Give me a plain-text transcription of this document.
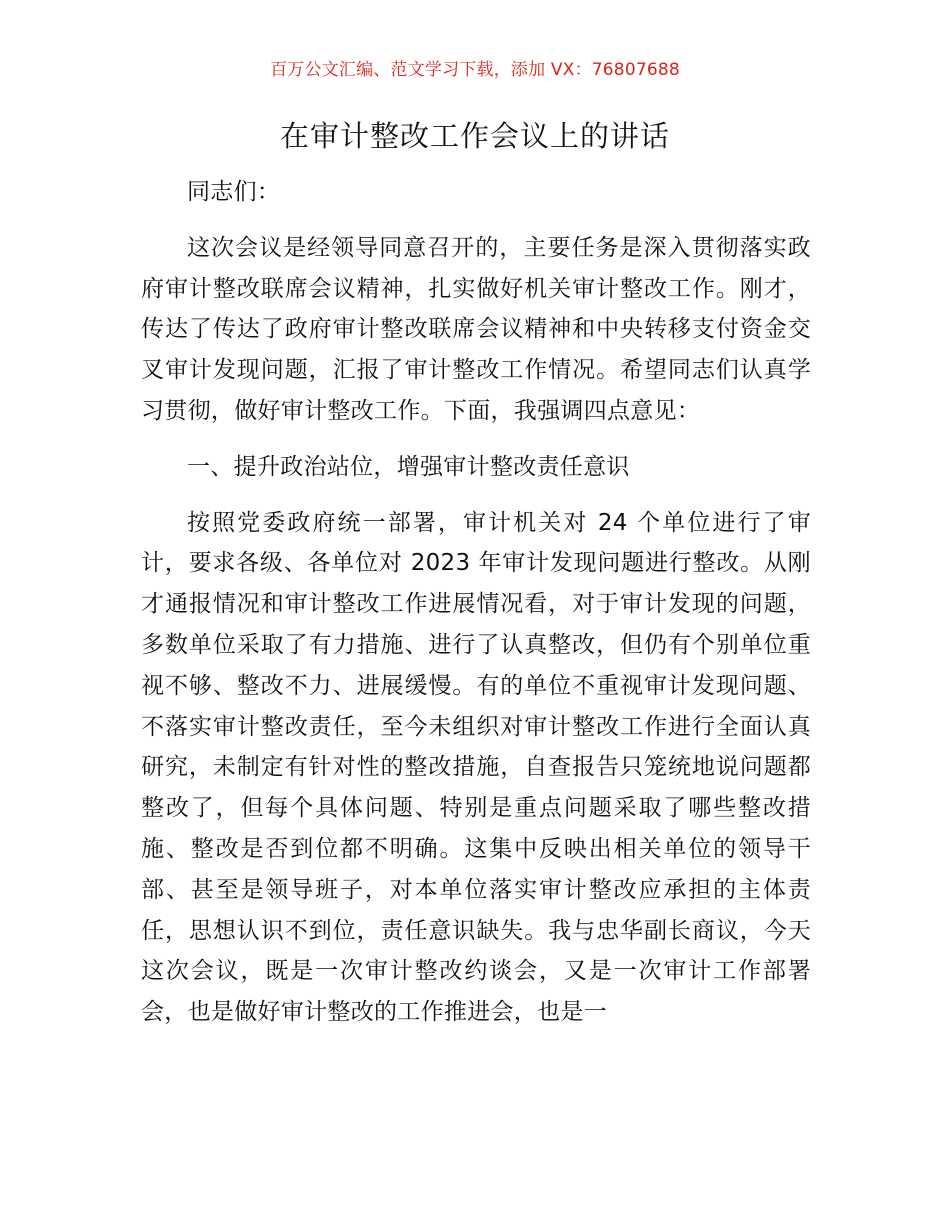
百万公文汇编、范文学习下载，添加 VX：76807688
在审计整改工作会议上的讲话

同志们：

这次会议是经领导同意召开的，主要任务是深入贯彻落实政府审计整改联席会议精神，扎实做好机关审计整改工作。刚才，传达了传达了政府审计整改联席会议精神和中央转移支付资金交叉审计发现问题，汇报了审计整改工作情况。希望同志们认真学习贯彻，做好审计整改工作。下面，我强调四点意见：

一、提升政治站位，增强审计整改责任意识

按照党委政府统一部署，审计机关对 24 个单位进行了审计，要求各级、各单位对 2023 年审计发现问题进行整改。从刚才通报情况和审计整改工作进展情况看，对于审计发现的问题，多数单位采取了有力措施、进行了认真整改，但仍有个别单位重视不够、整改不力、进展缓慢。有的单位不重视审计发现问题、不落实审计整改责任，至今未组织对审计整改工作进行全面认真研究，未制定有针对性的整改措施，自查报告只笼统地说问题都整改了，但每个具体问题、特别是重点问题采取了哪些整改措施、整改是否到位都不明确。这集中反映出相关单位的领导干部、甚至是领导班子，对本单位落实审计整改应承担的主体责任，思想认识不到位，责任意识缺失。我与忠华副长商议，今天这次会议，既是一次审计整改约谈会，又是一次审计工作部署会，也是做好审计整改的工作推进会，也是一
